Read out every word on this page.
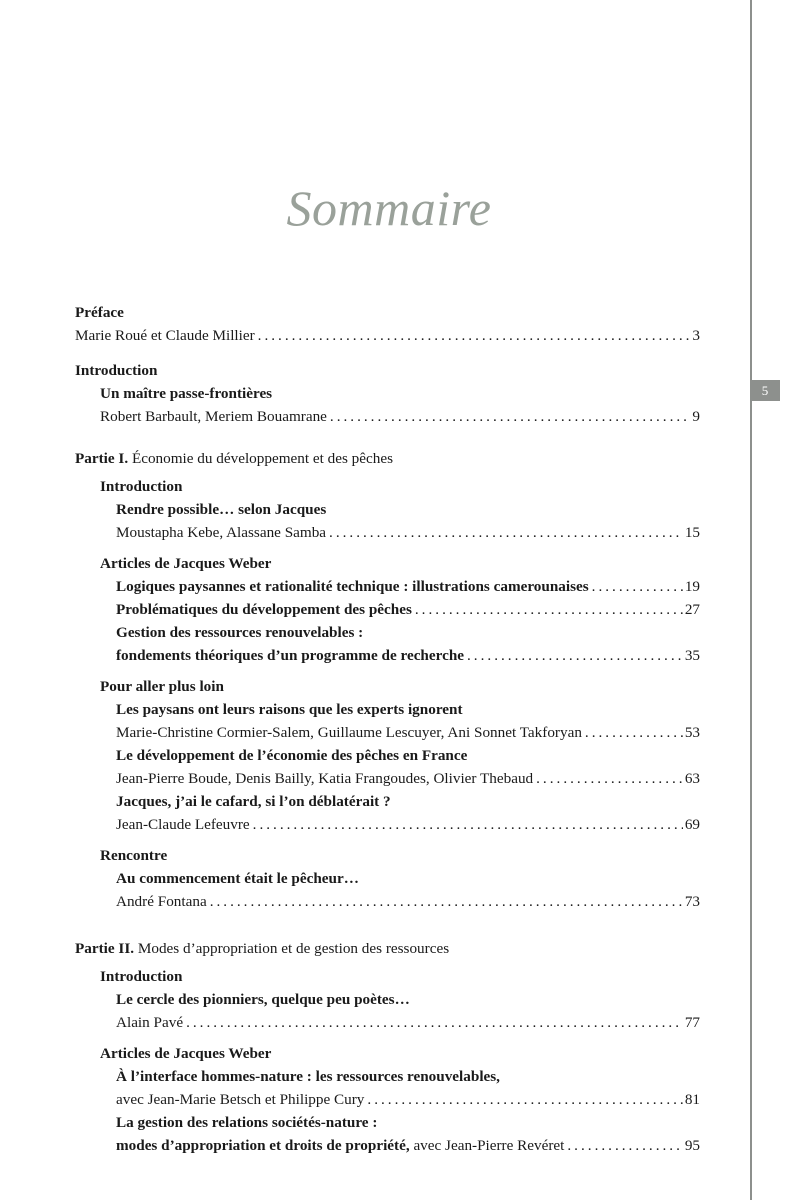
5
Sommaire
Préface
Marie Roué et Claude Millier . . .	3
Introduction
Un maître passe-frontières
Robert Barbault, Meriem Bouamrane . . .	9
Partie I. Économie du développement et des pêches
Introduction
Rendre possible… selon Jacques
Moustapha Kebe, Alassane Samba . . .	15
Articles de Jacques Weber
Logiques paysannes et rationalité technique : illustrations camerounaises . . .	19
Problématiques du développement des pêches . . .	27
Gestion des ressources renouvelables :
fondements théoriques d’un programme de recherche . . .	35
Pour aller plus loin
Les paysans ont leurs raisons que les experts ignorent
Marie-Christine Cormier-Salem, Guillaume Lescuyer, Ani Sonnet Takforyan . . .	53
Le développement de l’économie des pêches en France
Jean-Pierre Boude, Denis Bailly, Katia Frangoudes, Olivier Thebaud . . .	63
Jacques, j’ai le cafard, si l’on déblatérait ?
Jean-Claude Lefeuvre . . .	69
Rencontre
Au commencement était le pêcheur…
André Fontana . . .	73
Partie II. Modes d’appropriation et de gestion des ressources
Introduction
Le cercle des pionniers, quelque peu poètes…
Alain Pavé . . .	77
Articles de Jacques Weber
À l’interface hommes-nature : les ressources renouvelables,
avec Jean-Marie Betsch et Philippe Cury . . .	81
La gestion des relations sociétés-nature :
modes d’appropriation et droits de propriété, avec Jean-Pierre Revéret . . .	95
